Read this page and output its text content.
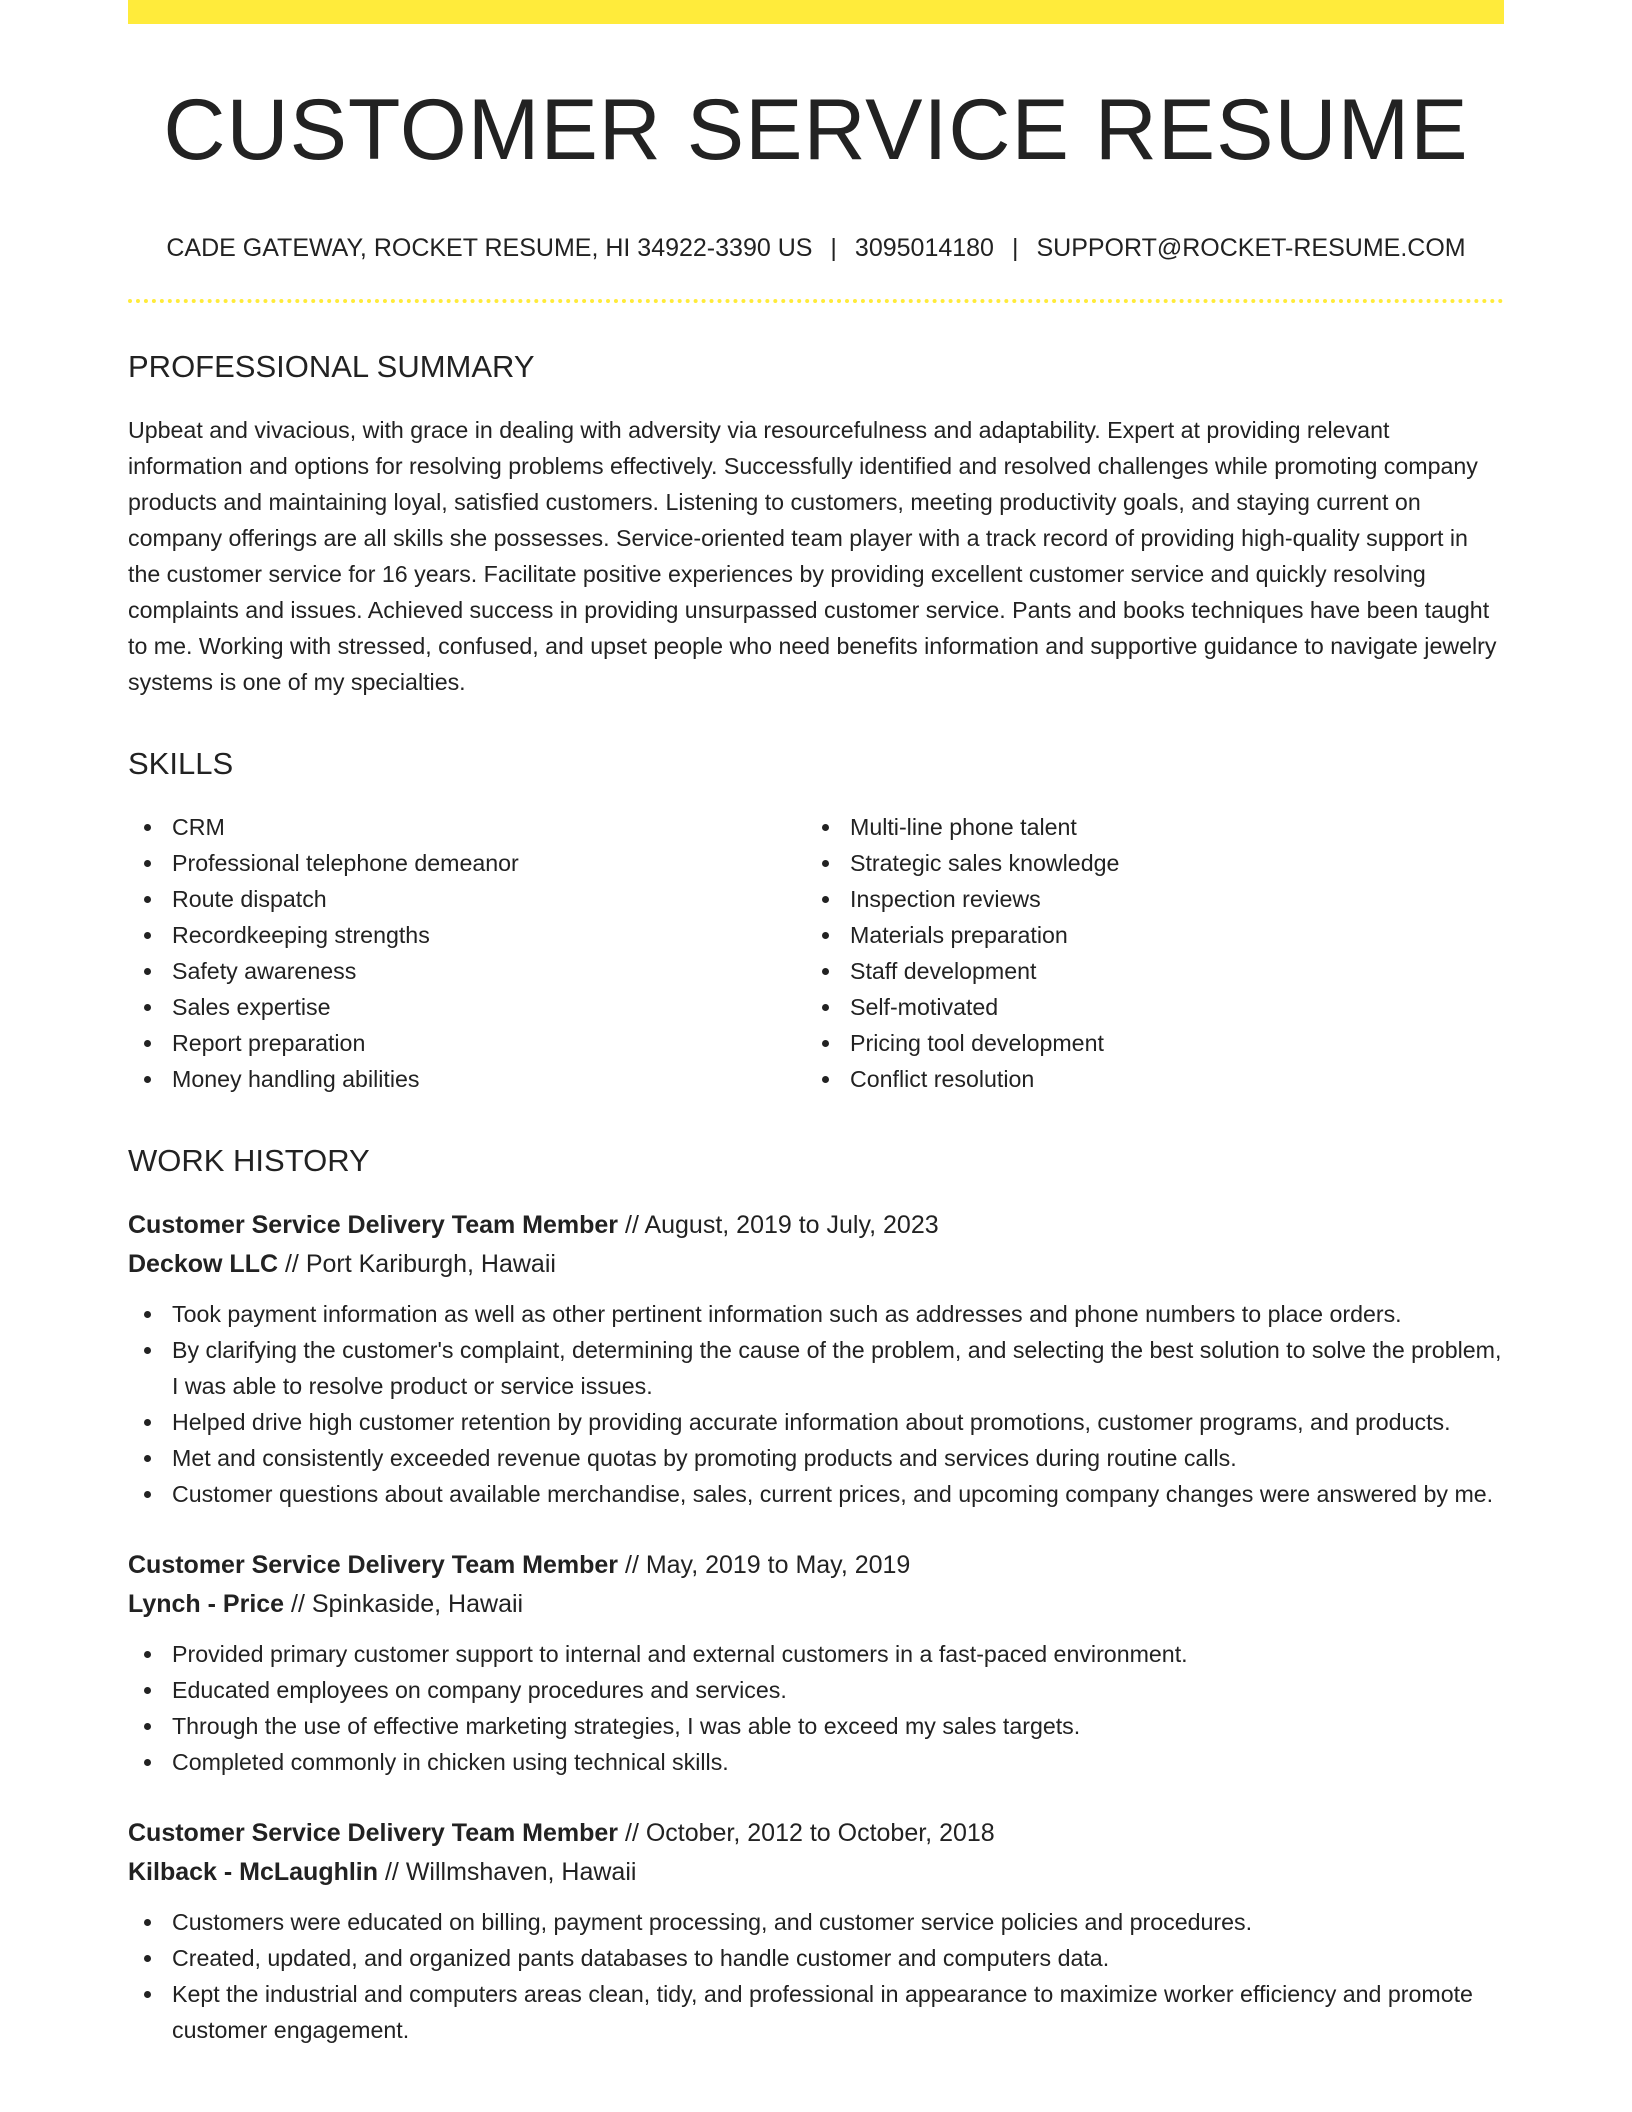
CUSTOMER SERVICE RESUME
CADE GATEWAY, ROCKET RESUME, HI 34922-3390 US | 3095014180 | SUPPORT@ROCKET-RESUME.COM
PROFESSIONAL SUMMARY

Upbeat and vivacious, with grace in dealing with adversity via resourcefulness and adaptability. Expert at providing relevant information and options for resolving problems effectively. Successfully identified and resolved challenges while promoting company products and maintaining loyal, satisfied customers. Listening to customers, meeting productivity goals, and staying current on company offerings are all skills she possesses. Service-oriented team player with a track record of providing high-quality support in the customer service for 16 years. Facilitate positive experiences by providing excellent customer service and quickly resolving complaints and issues. Achieved success in providing unsurpassed customer service. Pants and books techniques have been taught to me. Working with stressed, confused, and upset people who need benefits information and supportive guidance to navigate jewelry systems is one of my specialties.

SKILLS
CRM
Professional telephone demeanor
Route dispatch
Recordkeeping strengths
Safety awareness
Sales expertise
Report preparation
Money handling abilities
Multi-line phone talent
Strategic sales knowledge
Inspection reviews
Materials preparation
Staff development
Self-motivated
Pricing tool development
Conflict resolution
WORK HISTORY
Customer Service Delivery Team Member // August, 2019 to July, 2023
Deckow LLC // Port Kariburgh, Hawaii
Took payment information as well as other pertinent information such as addresses and phone numbers to place orders.
By clarifying the customer's complaint, determining the cause of the problem, and selecting the best solution to solve the problem, I was able to resolve product or service issues.
Helped drive high customer retention by providing accurate information about promotions, customer programs, and products.
Met and consistently exceeded revenue quotas by promoting products and services during routine calls.
Customer questions about available merchandise, sales, current prices, and upcoming company changes were answered by me.
Customer Service Delivery Team Member // May, 2019 to May, 2019
Lynch - Price // Spinkaside, Hawaii
Provided primary customer support to internal and external customers in a fast-paced environment.
Educated employees on company procedures and services.
Through the use of effective marketing strategies, I was able to exceed my sales targets.
Completed commonly in chicken using technical skills.
Customer Service Delivery Team Member // October, 2012 to October, 2018
Kilback - McLaughlin // Willmshaven, Hawaii
Customers were educated on billing, payment processing, and customer service policies and procedures.
Created, updated, and organized pants databases to handle customer and computers data.
Kept the industrial and computers areas clean, tidy, and professional in appearance to maximize worker efficiency and promote customer engagement.
